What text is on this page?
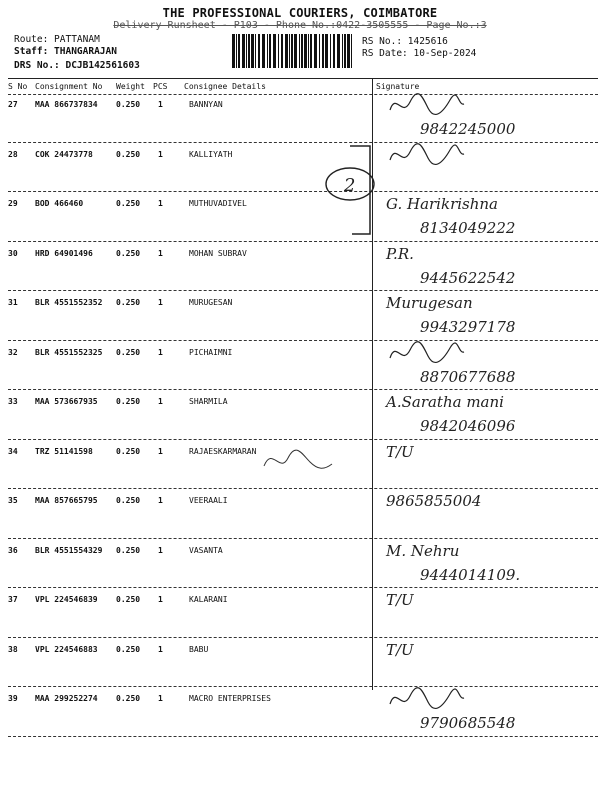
THE PROFESSIONAL COURIERS, COIMBATORE
Delivery Runsheet - P103 - Phone No.:0422-3505555 - Page No.:3
Route: PATTANAM
Staff: THANGARAJAN
DRS No.: DCJB142561603
RS No.: 1425616
RS Date: 10-Sep-2024
S No Consignment No Weight PCS Consignee Details	Signature
27 MAA 866737834 0.250 1	BANNYAN
9842245000
28 COK 24473778	0.250 1	KALLIYATH
29 BOD 466460	0.250 1	MUTHUVADIVEL	G. Harikrishna
8134049222
30 HRD 64901496	0.250 1	MOHAN SUBRAV	P.R.
9445622542
31 BLR 4551552352 0.250 1	MURUGESAN	Murugesan
9943297178
32 BLR 4551552325 0.250 1	PICHAIMNI
8870677688
33 MAA 573667935 0.250 1	SHARMILA	A.Saratha mani
9842046096
34 TRZ 51141598	0.250 1	RAJAESKARMARAN	T/U
35 MAA 857665795 0.250 1	VEERAALI	9865855004
36 BLR 4551554329 0.250 1	VASANTA	M. Nehru
9444014109.
37 VPL 224546839 0.250 1	KALARANI	T/U
38 VPL 224546883 0.250 1	BABU	T/U
39 MAA 299252274 0.250 1	MACRO ENTERPRISES
9790685548
2
